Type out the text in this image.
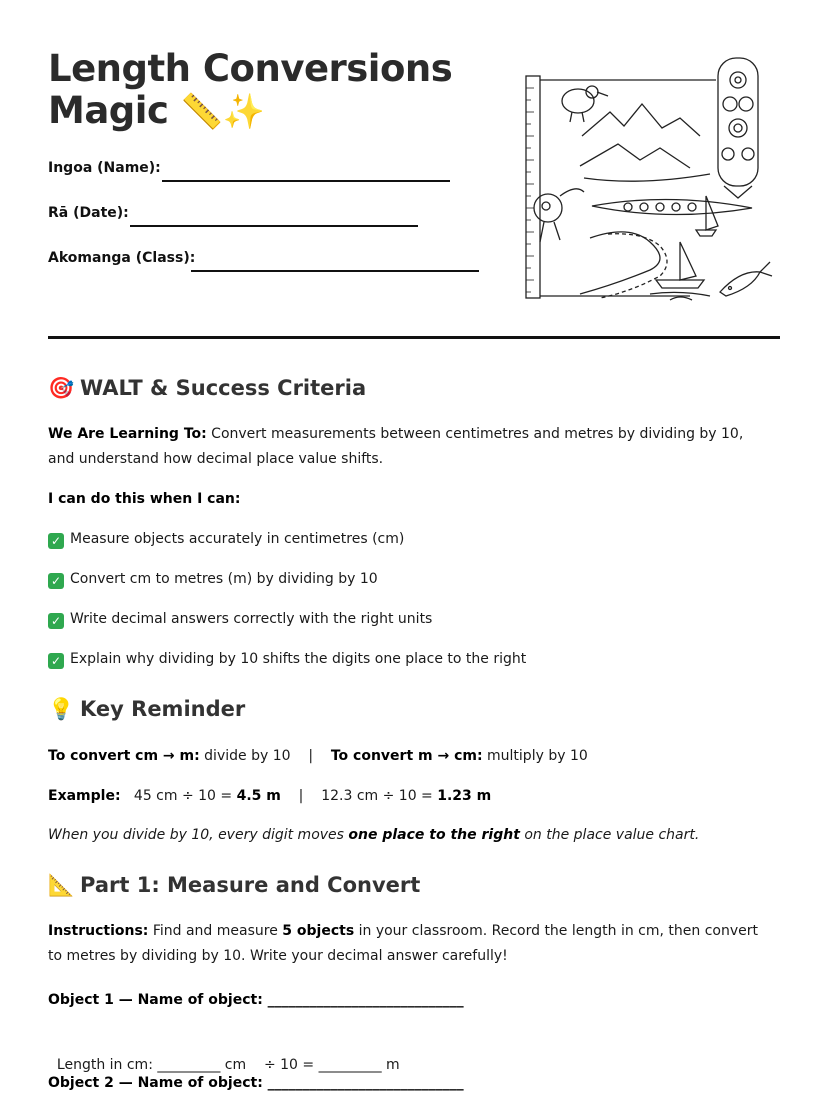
Length Conversions
Magic 📏✨
Ingoa (Name):
Rā (Date):
Akomanga (Class):
🎯 WALT & Success Criteria

We Are Learning To: Convert measurements between centimetres and metres by dividing by 10, and understand how decimal place value shifts.

I can do this when I can:

✓ Measure objects accurately in centimetres (cm)

✓ Convert cm to metres (m) by dividing by 10

✓ Write decimal answers correctly with the right units

✓ Explain why dividing by 10 shifts the digits one place to the right

💡 Key Reminder

To convert cm → m: divide by 10 | To convert m → cm: multiply by 10

Example: 45 cm ÷ 10 = 4.5 m | 12.3 cm ÷ 10 = 1.23 m

When you divide by 10, every digit moves one place to the right on the place value chart.

📐 Part 1: Measure and Convert

Instructions: Find and measure 5 objects in your classroom. Record the length in cm, then convert to metres by dividing by 10. Write your decimal answer carefully!

Object 1 — Name of object: ____________________________

Length in cm: _________ cm    ÷ 10 = _________ m

Object 2 — Name of object: ____________________________
